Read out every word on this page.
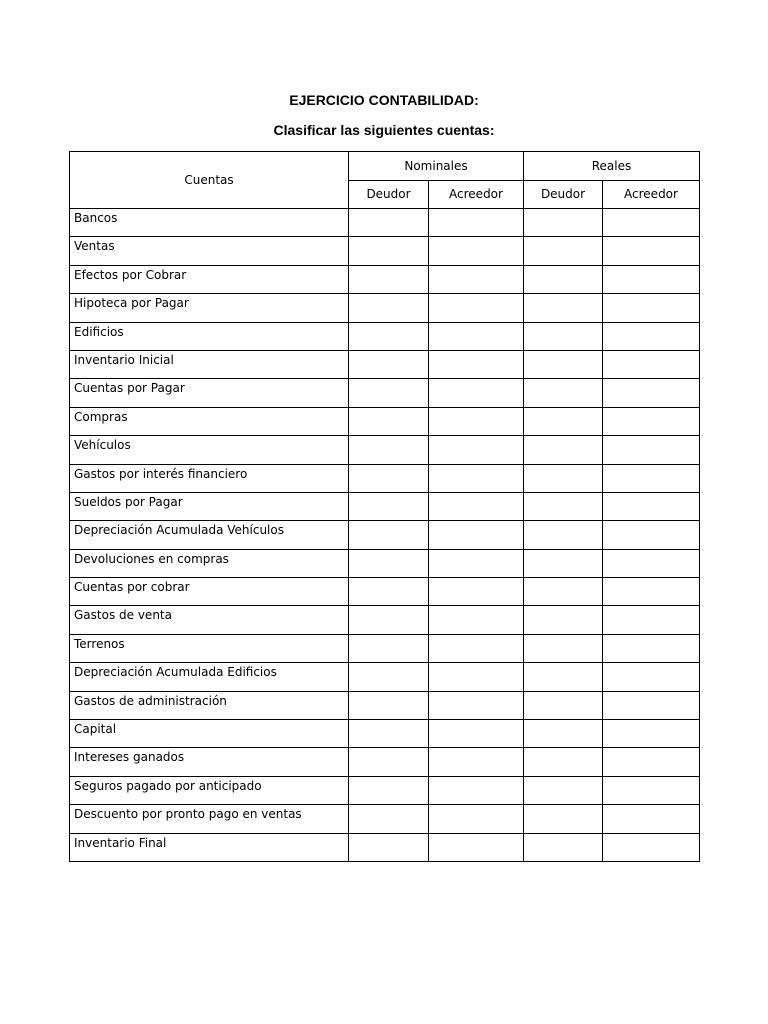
EJERCICIO CONTABILIDAD:
Clasificar las siguientes cuentas:
Cuentas	Nominales		Reales	
	Deudor	Acreedor	Deudor	Acreedor
Bancos				
Ventas				
Efectos por Cobrar				
Hipoteca por Pagar				
Edificios				
Inventario Inicial				
Cuentas por Pagar				
Compras				
Vehículos				
Gastos por interés financiero				
Sueldos por Pagar				
Depreciación Acumulada Vehículos				
Devoluciones en compras				
Cuentas por cobrar				
Gastos de venta				
Terrenos				
Depreciación Acumulada Edificios				
Gastos de administración				
Capital				
Intereses ganados				
Seguros pagado por anticipado				
Descuento por pronto pago en ventas				
Inventario Final				
